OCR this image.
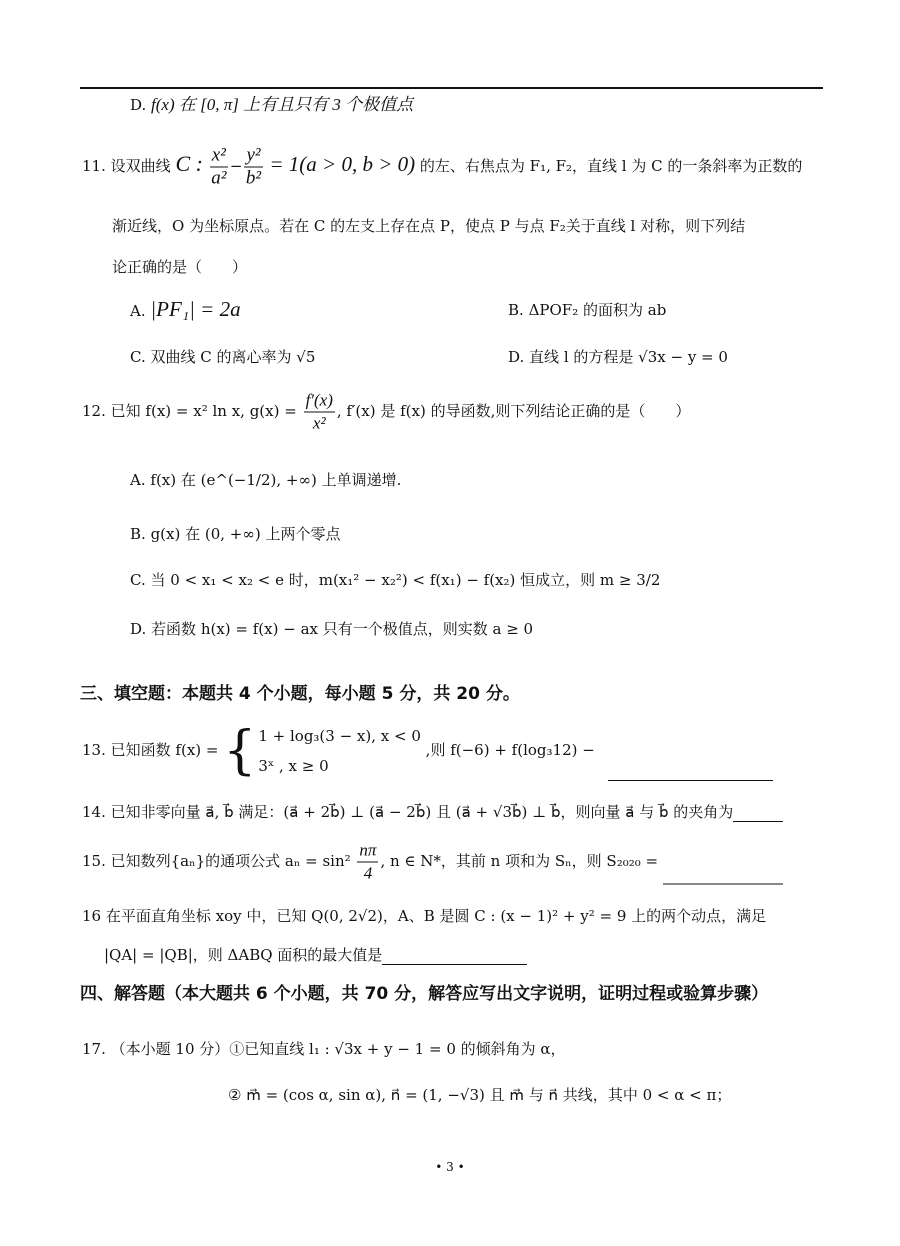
D. f(x) 在 [0, π] 上有且只有 3 个极值点
11. 设双曲线 C : $\frac{\text{x²}}{\text{a²}} - \frac{\text{y²}}{\text{b²}} = 1(a > 0$, b > 0) 的左、右焦点为 F₁, F₂，直线 l 为 C 的一条斜率为正数的
渐近线，O 为坐标原点。若在 C 的左支上存在点 P，使点 P 与点 F₂关于直线 l 对称，则下列结
论正确的是（　　）
A. |PF₁| = 2a	B. ΔPOF₂ 的面积为 ab
C. 双曲线 C 的离心率为 √5	D. 直线 l 的方程是 √3x − y = 0
12. 已知 f(x) = x² ln x, $g(x) = \frac{f'(x)}{\text{x²}}$ , f′(x) 是 f(x) 的导函数,则下列结论正确的是（　　）
A. f(x) 在 (e^(−1/2), +∞) 上单调递增.
B. g(x) 在 (0, +∞) 上两个零点
C. 当 0 < x₁ < x₂ < e 时，m(x₁² − x₂²) < f(x₁) − f(x₂) 恒成立，则 m ≥ 3/2
D. 若函数 h(x) = f(x) − ax 只有一个极值点，则实数 a ≥ 0
三、填空题：本题共 4 个小题，每小题 5 分，共 20 分。
13. 已知函数 f(x) = { 1 + log₃(3 − x), x < 0
3ˣ , x ≥ 0
,则 f(−6) + f(log₃12) −
14. 已知非零向量 a⃗, b⃗ 满足：(a⃗ + 2b⃗) ⊥ (a⃗ − 2b⃗) 且 (a⃗ + √3b⃗) ⊥ b⃗，则向量 a⃗ 与 b⃗ 的夹角为
15. 已知数列{aₙ}的通项公式 $a_n = \sin^2 \frac{n\pi}{4}$ , n ∈ N*，其前 n 项和为 Sₙ，则 S₂₀₂₀ =
16 在平面直角坐标 xoy 中，已知 Q(0, 2√2)，A、B 是圆 C : (x − 1)² + y² = 9 上的两个动点，满足
|QA| = |QB|，则 ΔABQ 面积的最大值是
四、解答题（本大题共 6 个小题，共 70 分，解答应写出文字说明，证明过程或验算步骤）
17. （本小题 10 分）①已知直线 l₁ : √3x + y − 1 = 0 的倾斜角为 α，
② m⃗ = (cos α, sin α), n⃗ = (1, −√3) 且 m⃗ 与 n⃗ 共线，其中 0 < α < π；
• 3 •
